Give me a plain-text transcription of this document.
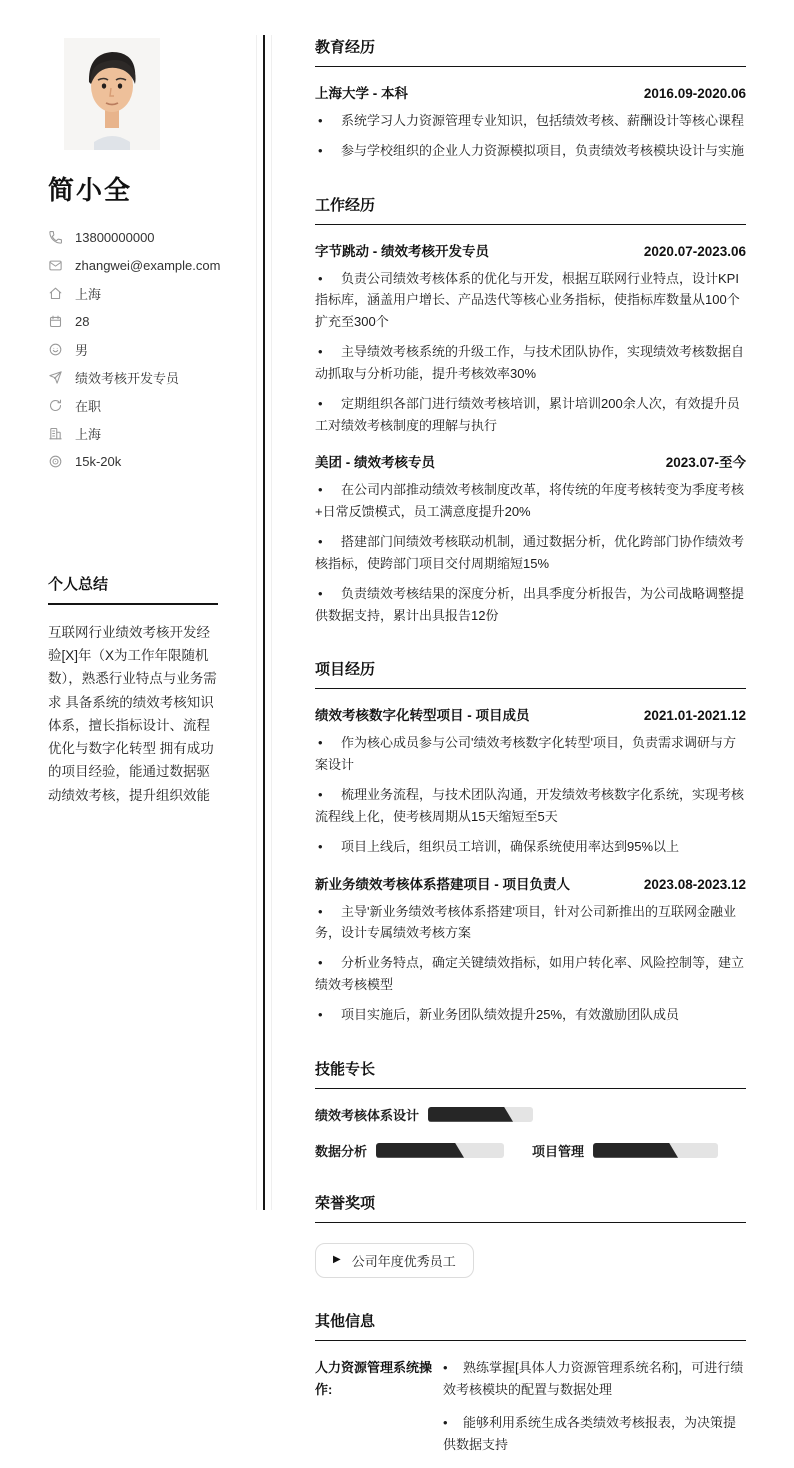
简小全
13800000000
zhangwei@example.com
上海
28
男
绩效考核开发专员
在职
上海
15k-20k
个人总结

互联网行业绩效考核开发经验[X]年（X为工作年限随机数），熟悉行业特点与业务需求 具备系统的绩效考核知识体系，擅长指标设计、流程优化与数字化转型 拥有成功的项目经验，能通过数据驱动绩效考核，提升组织效能

教育经历
上海大学 - 本科	2016.09-2020.06

• 系统学习人力资源管理专业知识，包括绩效考核、薪酬设计等核心课程

• 参与学校组织的企业人力资源模拟项目，负责绩效考核模块设计与实施

工作经历
字节跳动 - 绩效考核开发专员	2020.07-2023.06

• 负责公司绩效考核体系的优化与开发，根据互联网行业特点，设计KPI指标库，涵盖用户增长、产品迭代等核心业务指标，使指标库数量从100个扩充至300个

• 主导绩效考核系统的升级工作，与技术团队协作，实现绩效考核数据自动抓取与分析功能，提升考核效率30%

• 定期组织各部门进行绩效考核培训，累计培训200余人次，有效提升员工对绩效考核制度的理解与执行

美团 - 绩效考核专员	2023.07-至今

• 在公司内部推动绩效考核制度改革，将传统的年度考核转变为季度考核+日常反馈模式，员工满意度提升20%

• 搭建部门间绩效考核联动机制，通过数据分析，优化跨部门协作绩效考核指标，使跨部门项目交付周期缩短15%

• 负责绩效考核结果的深度分析，出具季度分析报告，为公司战略调整提供数据支持，累计出具报告12份

项目经历
绩效考核数字化转型项目 - 项目成员	2021.01-2021.12

• 作为核心成员参与公司'绩效考核数字化转型'项目，负责需求调研与方案设计

• 梳理业务流程，与技术团队沟通，开发绩效考核数字化系统，实现考核流程线上化，使考核周期从15天缩短至5天

• 项目上线后，组织员工培训，确保系统使用率达到95%以上

新业务绩效考核体系搭建项目 - 项目负责人	2023.08-2023.12

• 主导'新业务绩效考核体系搭建'项目，针对公司新推出的互联网金融业务，设计专属绩效考核方案

• 分析业务特点，确定关键绩效指标，如用户转化率、风险控制等，建立绩效考核模型

• 项目实施后，新业务团队绩效提升25%，有效激励团队成员

技能专长
绩效考核体系设计
数据分析	项目管理
荣誉奖项
▶ 公司年度优秀员工
其他信息
人力资源管理系统操作:

• 熟练掌握[具体人力资源管理系统名称]，可进行绩效考核模块的配置与数据处理

• 能够利用系统生成各类绩效考核报表，为决策提供数据支持
